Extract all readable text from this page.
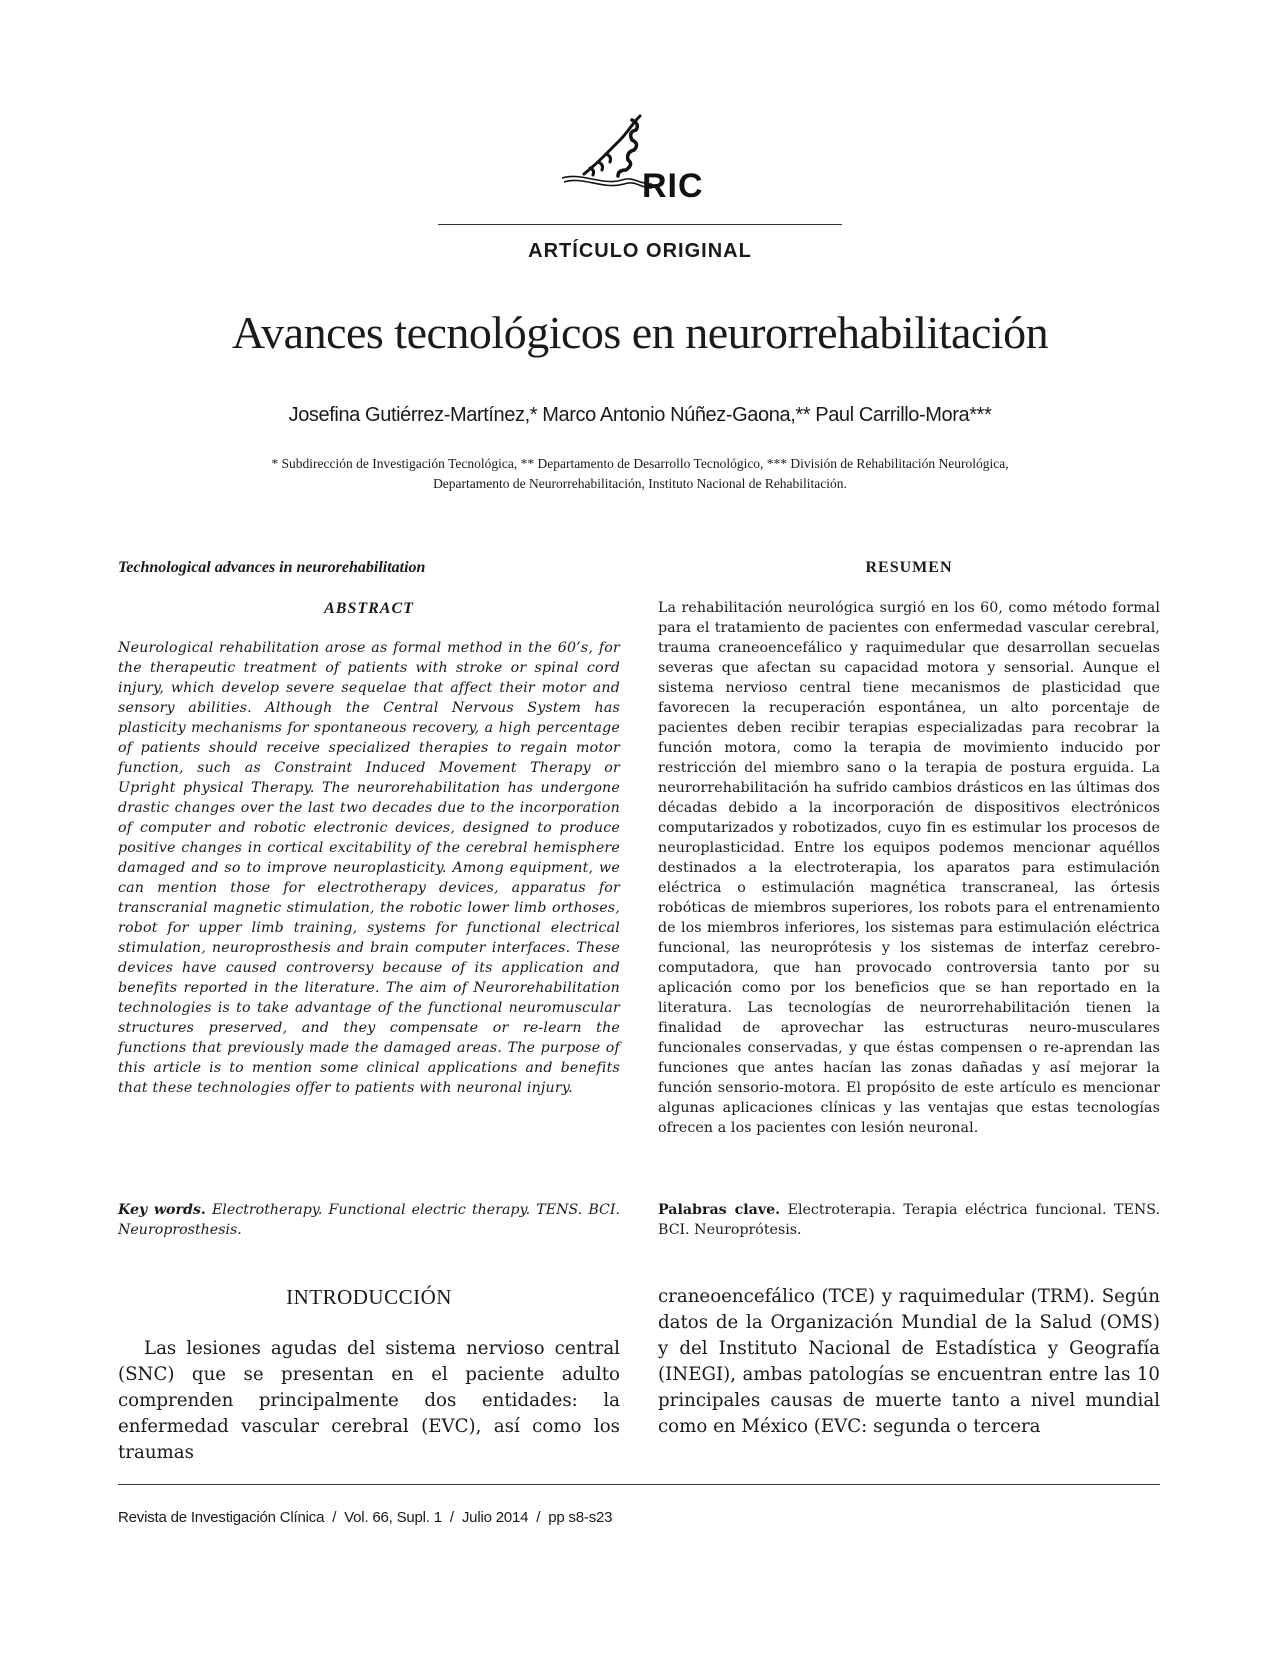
RIC
ARTÍCULO ORIGINAL
Avances tecnológicos en neurorrehabilitación
Josefina Gutiérrez-Martínez,* Marco Antonio Núñez-Gaona,** Paul Carrillo-Mora***
* Subdirección de Investigación Tecnológica, ** Departamento de Desarrollo Tecnológico, *** División de Rehabilitación Neurológica,
Departamento de Neurorrehabilitación, Instituto Nacional de Rehabilitación.
Technological advances in neurorehabilitation
ABSTRACT
Neurological rehabilitation arose as formal method in the 60’s, for the therapeutic treatment of patients with stroke or spinal cord injury, which develop severe sequelae that affect their motor and sensory abilities. Although the Central Nervous System has plasticity mechanisms for spontaneous recovery, a high percentage of patients should receive specialized therapies to regain motor function, such as Constraint Induced Movement Therapy or Upright physical Therapy. The neurorehabilitation has undergone drastic changes over the last two decades due to the incorporation of computer and robotic electronic devices, designed to produce positive changes in cortical excitability of the cerebral hemisphere damaged and so to improve neuroplasticity. Among equipment, we can mention those for electrotherapy devices, apparatus for transcranial magnetic stimulation, the robotic lower limb orthoses, robot for upper limb training, systems for functional electrical stimulation, neuroprosthesis and brain computer interfaces. These devices have caused controversy because of its application and benefits reported in the literature. The aim of Neurorehabilitation technologies is to take advantage of the functional neuromuscular structures preserved, and they compensate or re-learn the functions that previously made the damaged areas. The purpose of this article is to mention some clinical applications and benefits that these technologies offer to patients with neuronal injury.
Key words. Electrotherapy. Functional electric therapy. TENS. BCI. Neuroprosthesis.
RESUMEN
La rehabilitación neurológica surgió en los 60, como método formal para el tratamiento de pacientes con enfermedad vascular cerebral, trauma craneoencefálico y raquimedular que desarrollan secuelas severas que afectan su capacidad motora y sensorial. Aunque el sistema nervioso central tiene mecanismos de plasticidad que favorecen la recuperación espontánea, un alto porcentaje de pacientes deben recibir terapias especializadas para recobrar la función motora, como la terapia de movimiento inducido por restricción del miembro sano o la terapia de postura erguida. La neurorrehabilitación ha sufrido cambios drásticos en las últimas dos décadas debido a la incorporación de dispositivos electrónicos computarizados y robotizados, cuyo fin es estimular los procesos de neuroplasticidad. Entre los equipos podemos mencionar aquéllos destinados a la electroterapia, los aparatos para estimulación eléctrica o estimulación magnética transcraneal, las órtesis robóticas de miembros superiores, los robots para el entrenamiento de los miembros inferiores, los sistemas para estimulación eléctrica funcional, las neuroprótesis y los sistemas de interfaz cerebro-computadora, que han provocado controversia tanto por su aplicación como por los beneficios que se han reportado en la literatura. Las tecnologías de neurorrehabilitación tienen la finalidad de aprovechar las estructuras neuro-musculares funcionales conservadas, y que éstas compensen o re-aprendan las funciones que antes hacían las zonas dañadas y así mejorar la función sensorio-motora. El propósito de este artículo es mencionar algunas aplicaciones clínicas y las ventajas que estas tecnologías ofrecen a los pacientes con lesión neuronal.
Palabras clave. Electroterapia. Terapia eléctrica funcional. TENS. BCI. Neuroprótesis.
INTRODUCCIÓN
Las lesiones agudas del sistema nervioso central (SNC) que se presentan en el paciente adulto comprenden principalmente dos entidades: la enfermedad vascular cerebral (EVC), así como los traumas
craneoencefálico (TCE) y raquimedular (TRM). Según datos de la Organización Mundial de la Salud (OMS) y del Instituto Nacional de Estadística y Geografía (INEGI), ambas patologías se encuentran entre las 10 principales causas de muerte tanto a nivel mundial como en México (EVC: segunda o tercera
Revista de Investigación Clínica / Vol. 66, Supl. 1 / Julio 2014 / pp s8-s23
